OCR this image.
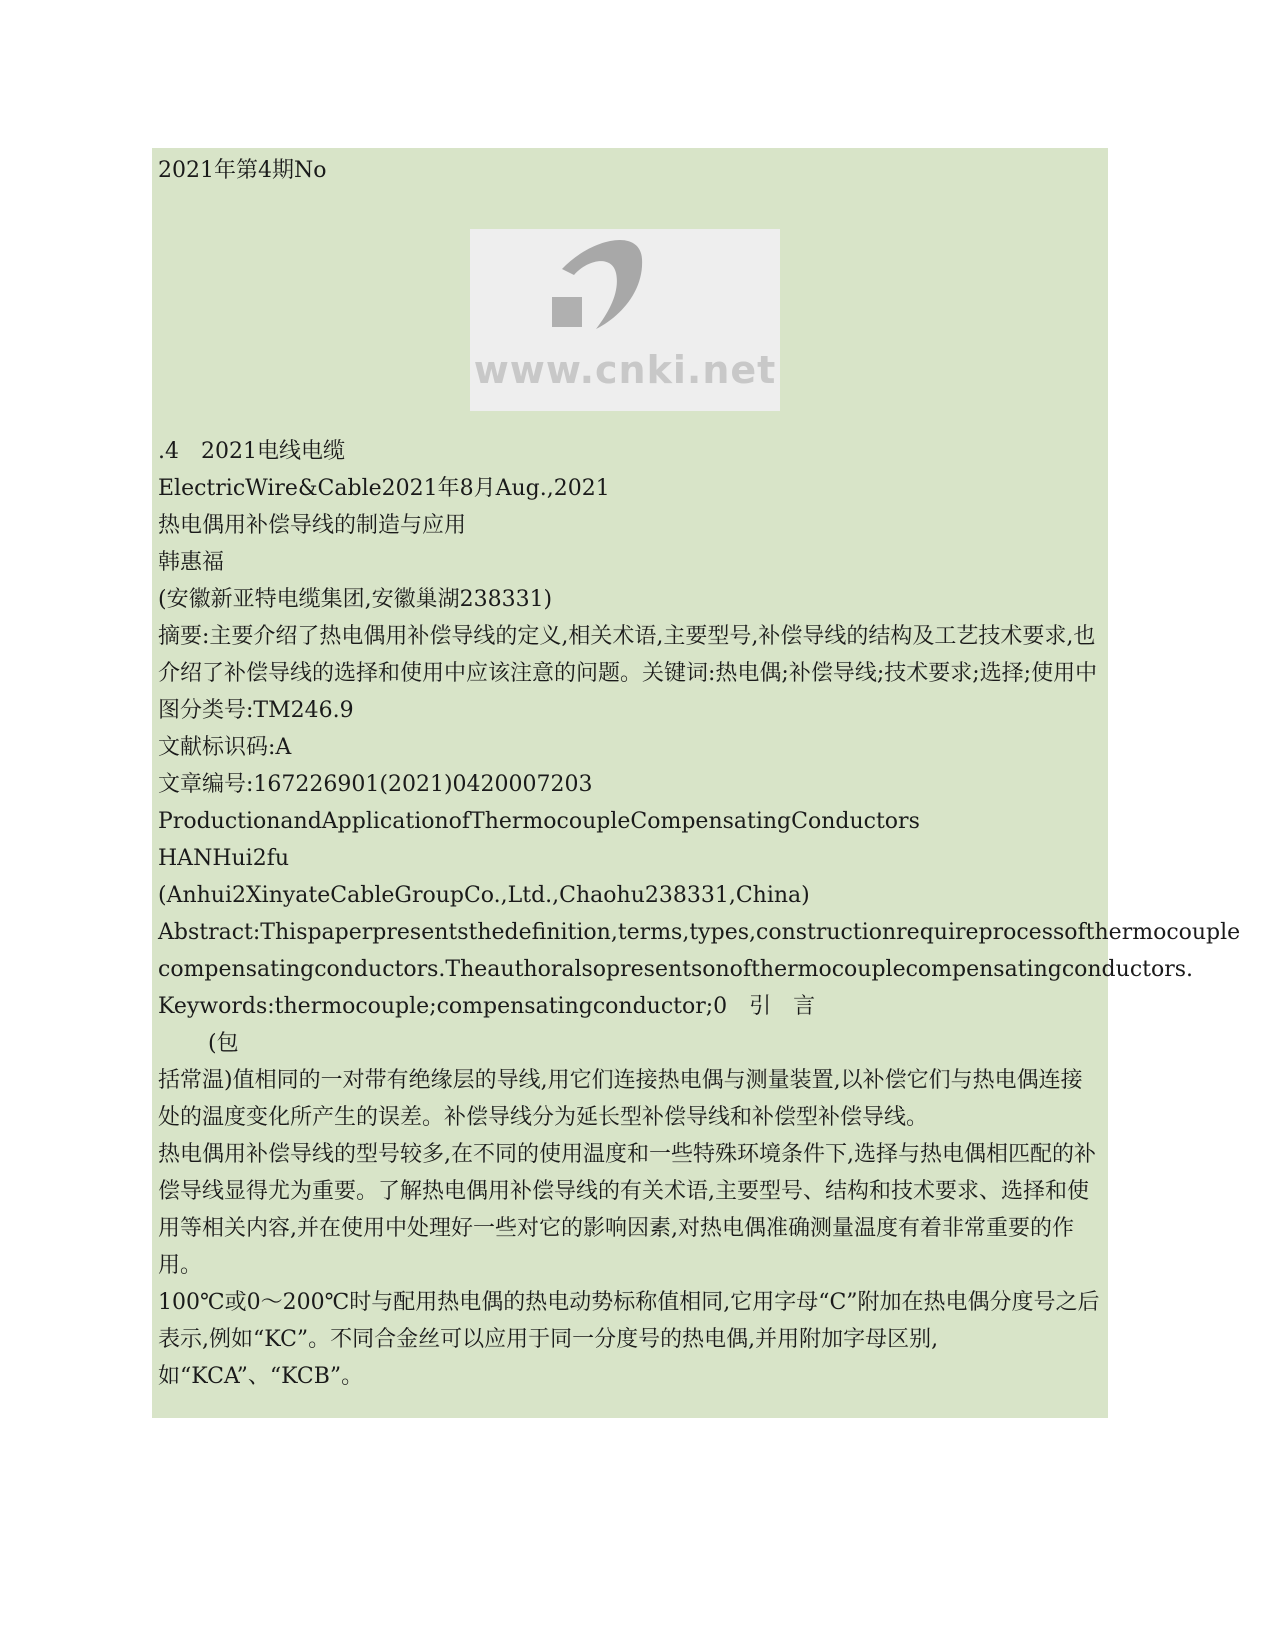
2021年第4期No
www.cnki.net
.4　2021电线电缆
ElectricWire&Cable2021年8月Aug.,2021
热电偶用补偿导线的制造与应用
韩惠福
(安徽新亚特电缆集团,安徽巢湖238331)
摘要:主要介绍了热电偶用补偿导线的定义,相关术语,主要型号,补偿导线的结构及工艺技术要求,也介绍了补偿导线的选择和使用中应该注意的问题。关键词:热电偶;补偿导线;技术要求;选择;使用中图分类号:TM246.9
文献标识码:A
文章编号:167226901(2021)0420007203
ProductionandApplicationofThermocoupleCompensatingConductors
HANHui2fu
(Anhui2XinyateCableGroupCo.,Ltd.,Chaohu238331,China)
Abstract:Thispaperpresentsthedefinition,terms,types,constructionrequireprocessofthermocouple
compensatingconductors.Theauthoralsopresentsonofthermocouplecompensatingconductors.
Keywords:thermocouple;compensatingconductor;0 引　言
(包
括常温)值相同的一对带有绝缘层的导线,用它们连接热电偶与测量装置,以补偿它们与热电偶连接处的温度变化所产生的误差。补偿导线分为延长型补偿导线和补偿型补偿导线。
热电偶用补偿导线的型号较多,在不同的使用温度和一些特殊环境条件下,选择与热电偶相匹配的补偿导线显得尤为重要。了解热电偶用补偿导线的有关术语,主要型号、结构和技术要求、选择和使用等相关内容,并在使用中处理好一些对它的影响因素,对热电偶准确测量温度有着非常重要的作用。
100℃或0～200℃时与配用热电偶的热电动势标称值相同,它用字母“C”附加在热电偶分度号之后表示,例如“KC”。不同合金丝可以应用于同一分度号的热电偶,并用附加字母区别,如“KCA”、“KCB”。
